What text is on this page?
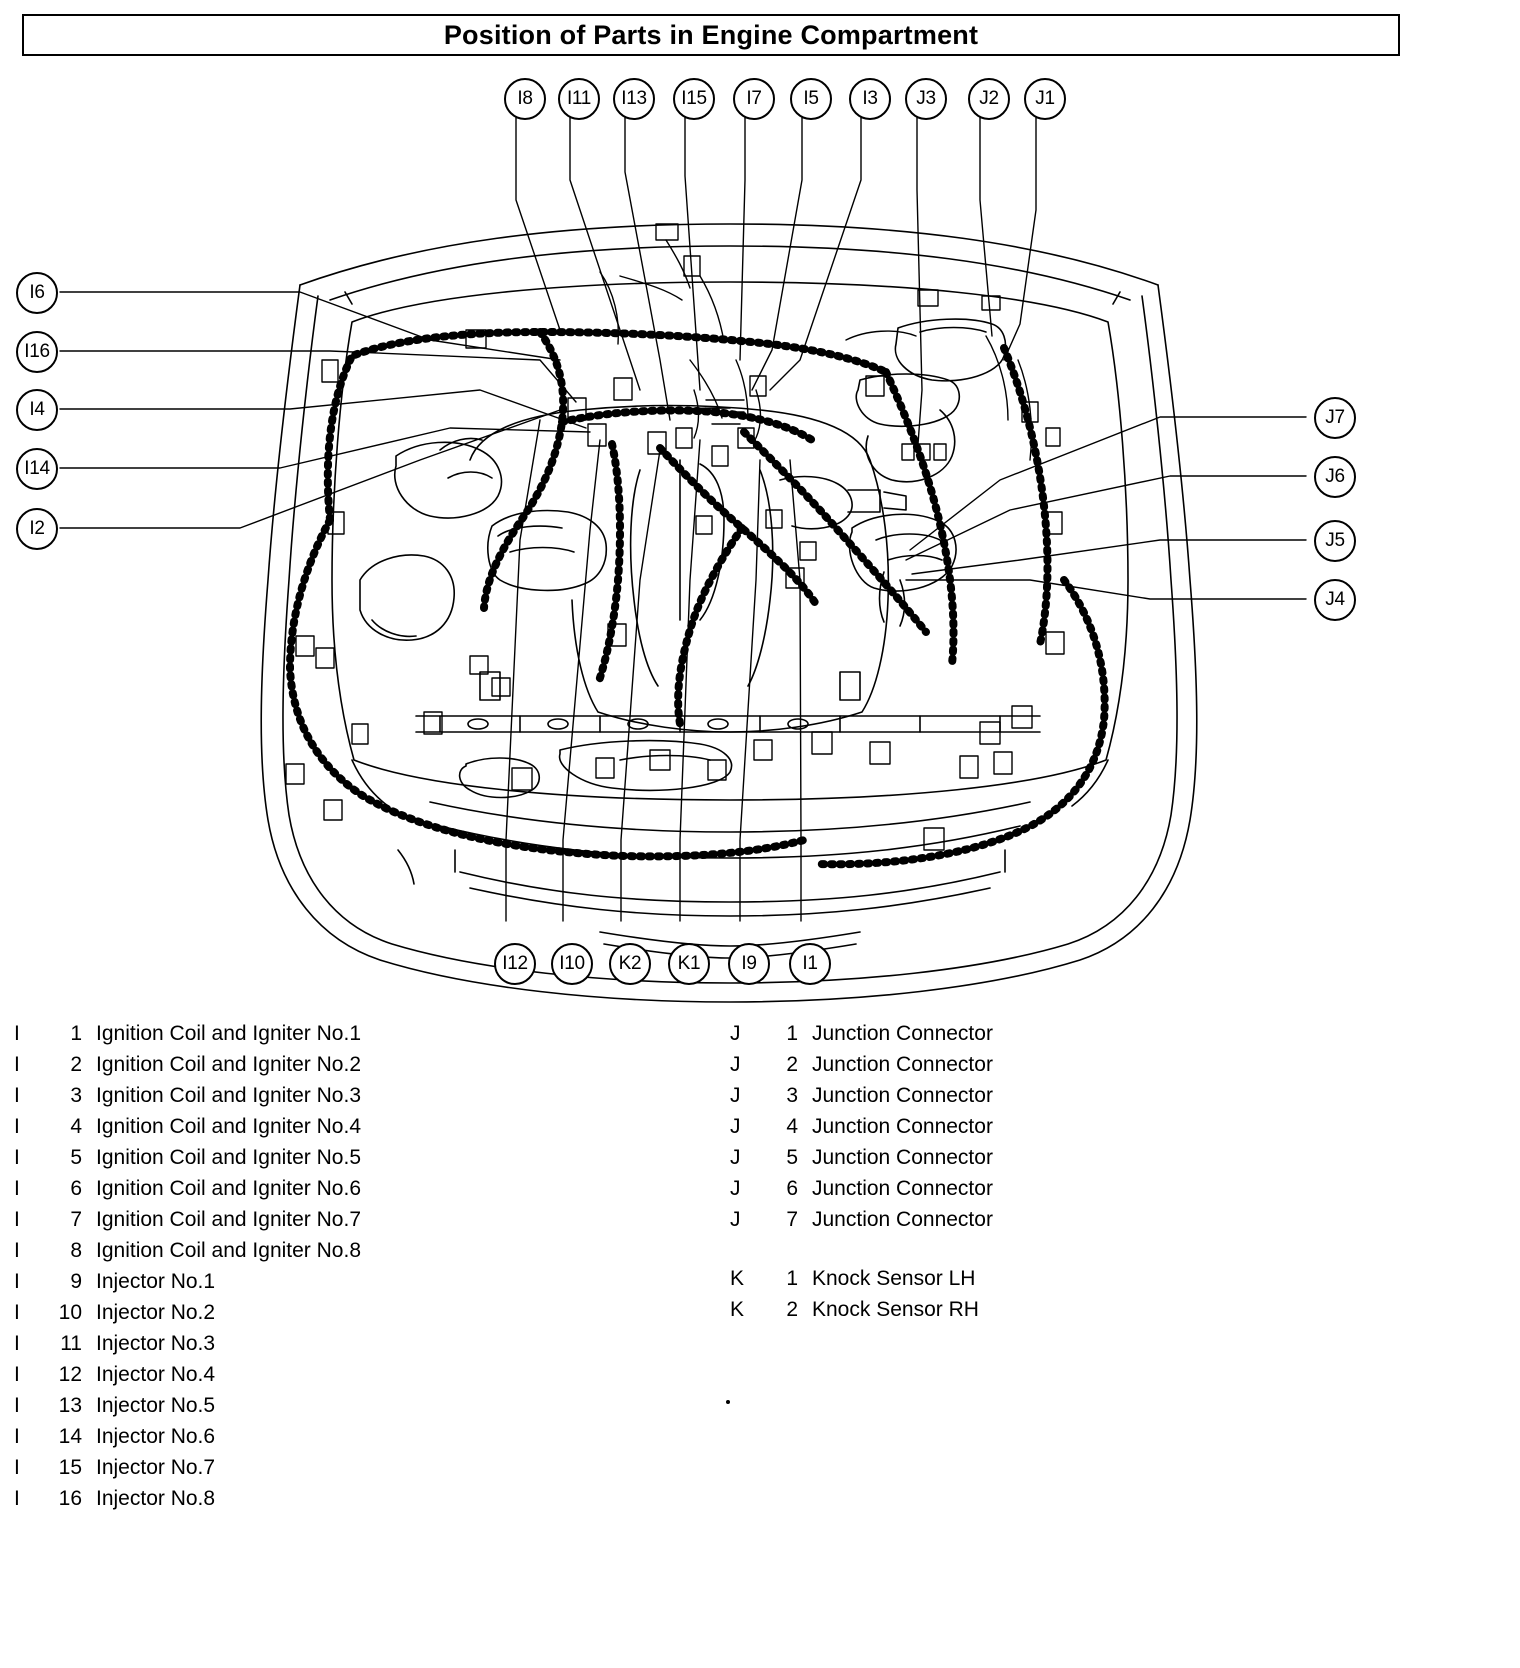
Position of Parts in Engine Compartment
I8	I11	I13	I15	I7	I5	I3	J3	J2	J1
I6
I16
I4
I14
I2
J7
J6
J5
J4
I12	I10	K2	K1	I9	I1
I	1 Ignition Coil and Igniter No.1
I	2 Ignition Coil and Igniter No.2
I	3 Ignition Coil and Igniter No.3
I	4 Ignition Coil and Igniter No.4
I	5 Ignition Coil and Igniter No.5
I	6 Ignition Coil and Igniter No.6
I	7 Ignition Coil and Igniter No.7
I	8 Ignition Coil and Igniter No.8
I	9 Injector No.1
I	10 Injector No.2
I	11 Injector No.3
I	12 Injector No.4
I	13 Injector No.5
I	14 Injector No.6
I	15 Injector No.7
I	16 Injector No.8
J	1 Junction Connector
J	2 Junction Connector
J	3 Junction Connector
J	4 Junction Connector
J	5 Junction Connector
J	6 Junction Connector
J	7 Junction Connector
K	1 Knock Sensor LH
K	2 Knock Sensor RH
